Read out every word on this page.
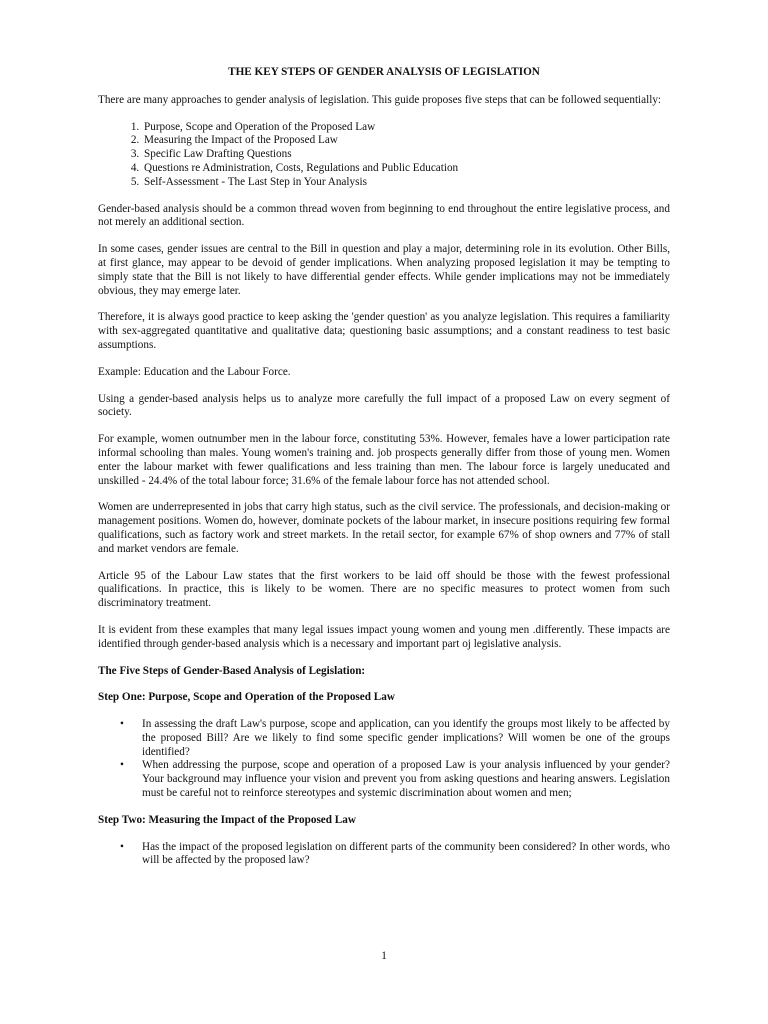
THE KEY STEPS OF GENDER ANALYSIS OF LEGISLATION

There are many approaches to gender analysis of legislation. This guide proposes five steps that can be followed sequentially:

1. Purpose, Scope and Operation of the Proposed Law
2. Measuring the Impact of the Proposed Law
3. Specific Law Drafting Questions
4. Questions re Administration, Costs, Regulations and Public Education
5. Self-Assessment - The Last Step in Your Analysis

Gender-based analysis should be a common thread woven from beginning to end throughout the entire legislative process, and not merely an additional section.

In some cases, gender issues are central to the Bill in question and play a major, determining role in its evolution. Other Bills, at first glance, may appear to be devoid of gender implications. When analyzing proposed legislation it may be tempting to simply state that the Bill is not likely to have differential gender effects. While gender implications may not be immediately obvious, they may emerge later.

Therefore, it is always good practice to keep asking the 'gender question' as you analyze legislation. This requires a familiarity with sex-aggregated quantitative and qualitative data; questioning basic assumptions; and a constant readiness to test basic assumptions.

Example: Education and the Labour Force.

Using a gender-based analysis helps us to analyze more carefully the full impact of a proposed Law on every segment of society.

For example, women outnumber men in the labour force, constituting 53%. However, females have a lower participation rate informal schooling than males. Young women's training and. job prospects generally differ from those of young men. Women enter the labour market with fewer qualifications and less training than men. The labour force is largely uneducated and unskilled - 24.4% of the total labour force; 31.6% of the female labour force has not attended school.

Women are underrepresented in jobs that carry high status, such as the civil service. The professionals, and decision-making or management positions. Women do, however, dominate pockets of the labour market, in insecure positions requiring few formal qualifications, such as factory work and street markets. In the retail sector, for example 67% of shop owners and 77% of stall and market vendors are female.

Article 95 of the Labour Law states that the first workers to be laid off should be those with the fewest professional qualifications. In practice, this is likely to be women. There are no specific measures to protect women from such discriminatory treatment.

It is evident from these examples that many legal issues impact young women and young men .differently. These impacts are identified through gender-based analysis which is a necessary and important part oj legislative analysis.

The Five Steps of Gender-Based Analysis of Legislation:

Step One: Purpose, Scope and Operation of the Proposed Law

•	In assessing the draft Law's purpose, scope and application, can you identify the groups most likely to be affected by the proposed Bill? Are we likely to find some specific gender implications? Will women be one of the groups identified?
•	When addressing the purpose, scope and operation of a proposed Law is your analysis influenced by your gender? Your background may influence your vision and prevent you from asking questions and hearing answers. Legislation must be careful not to reinforce stereotypes and systemic discrimination about women and men;

Step Two: Measuring the Impact of the Proposed Law

•	Has the impact of the proposed legislation on different parts of the community been considered? In other words, who will be affected by the proposed law?
1
